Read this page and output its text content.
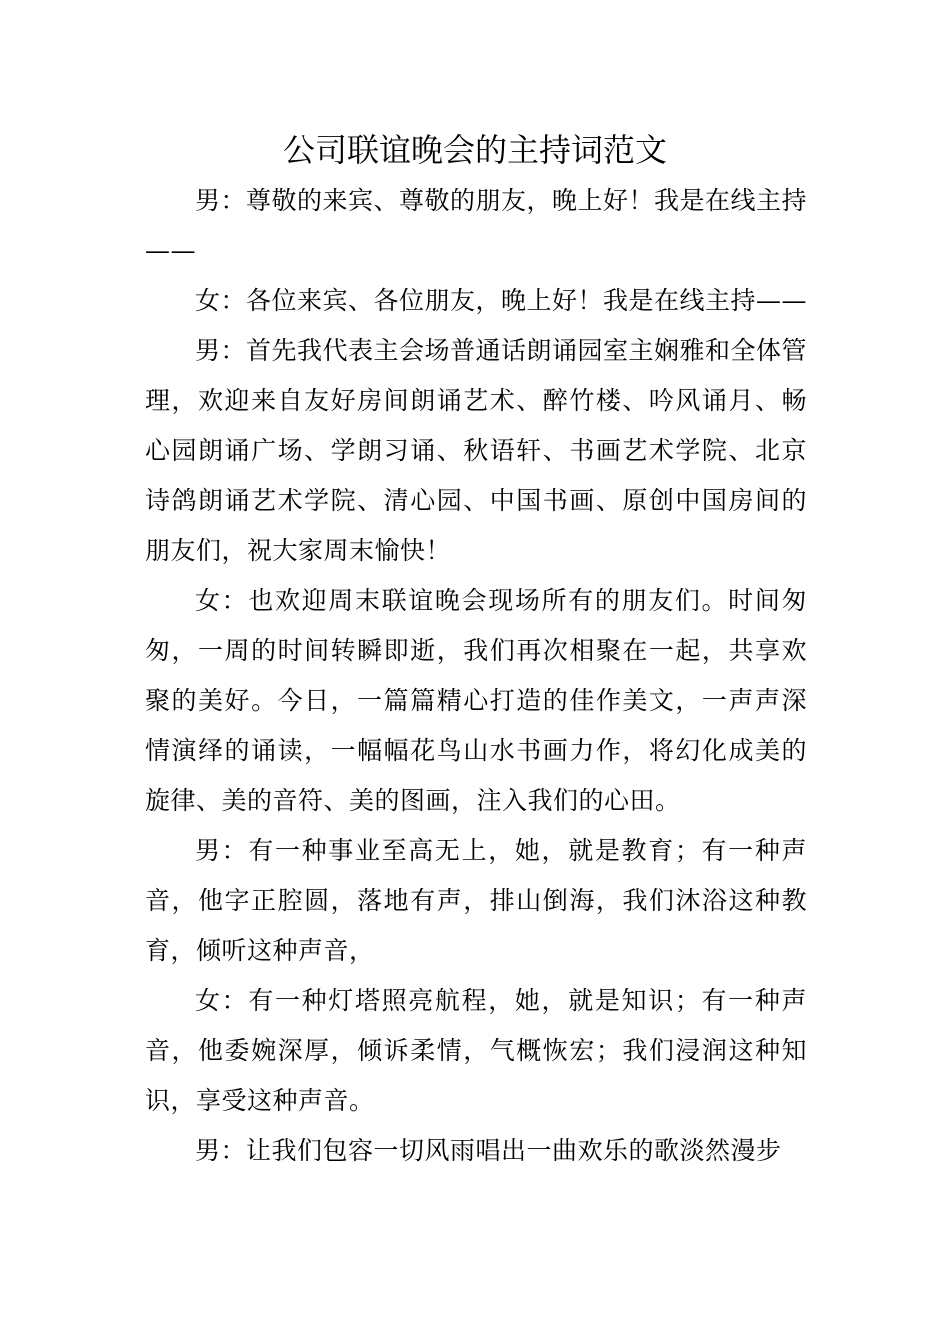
公司联谊晚会的主持词范文

男：尊敬的来宾、尊敬的朋友，晚上好！我是在线主持——

女：各位来宾、各位朋友，晚上好！我是在线主持——

男：首先我代表主会场普通话朗诵园室主娴雅和全体管理，欢迎来自友好房间朗诵艺术、醉竹楼、吟风诵月、畅心园朗诵广场、学朗习诵、秋语轩、书画艺术学院、北京诗鸽朗诵艺术学院、清心园、中国书画、原创中国房间的朋友们，祝大家周末愉快！

女：也欢迎周末联谊晚会现场所有的朋友们。时间匆匆，一周的时间转瞬即逝，我们再次相聚在一起，共享欢聚的美好。今日，一篇篇精心打造的佳作美文，一声声深情演绎的诵读，一幅幅花鸟山水书画力作，将幻化成美的旋律、美的音符、美的图画，注入我们的心田。

男：有一种事业至高无上，她，就是教育；有一种声音，他字正腔圆，落地有声，排山倒海，我们沐浴这种教育，倾听这种声音，

女：有一种灯塔照亮航程，她，就是知识；有一种声音，他委婉深厚，倾诉柔情，气概恢宏；我们浸润这种知识，享受这种声音。

男：让我们包容一切风雨唱出一曲欢乐的歌淡然漫步
